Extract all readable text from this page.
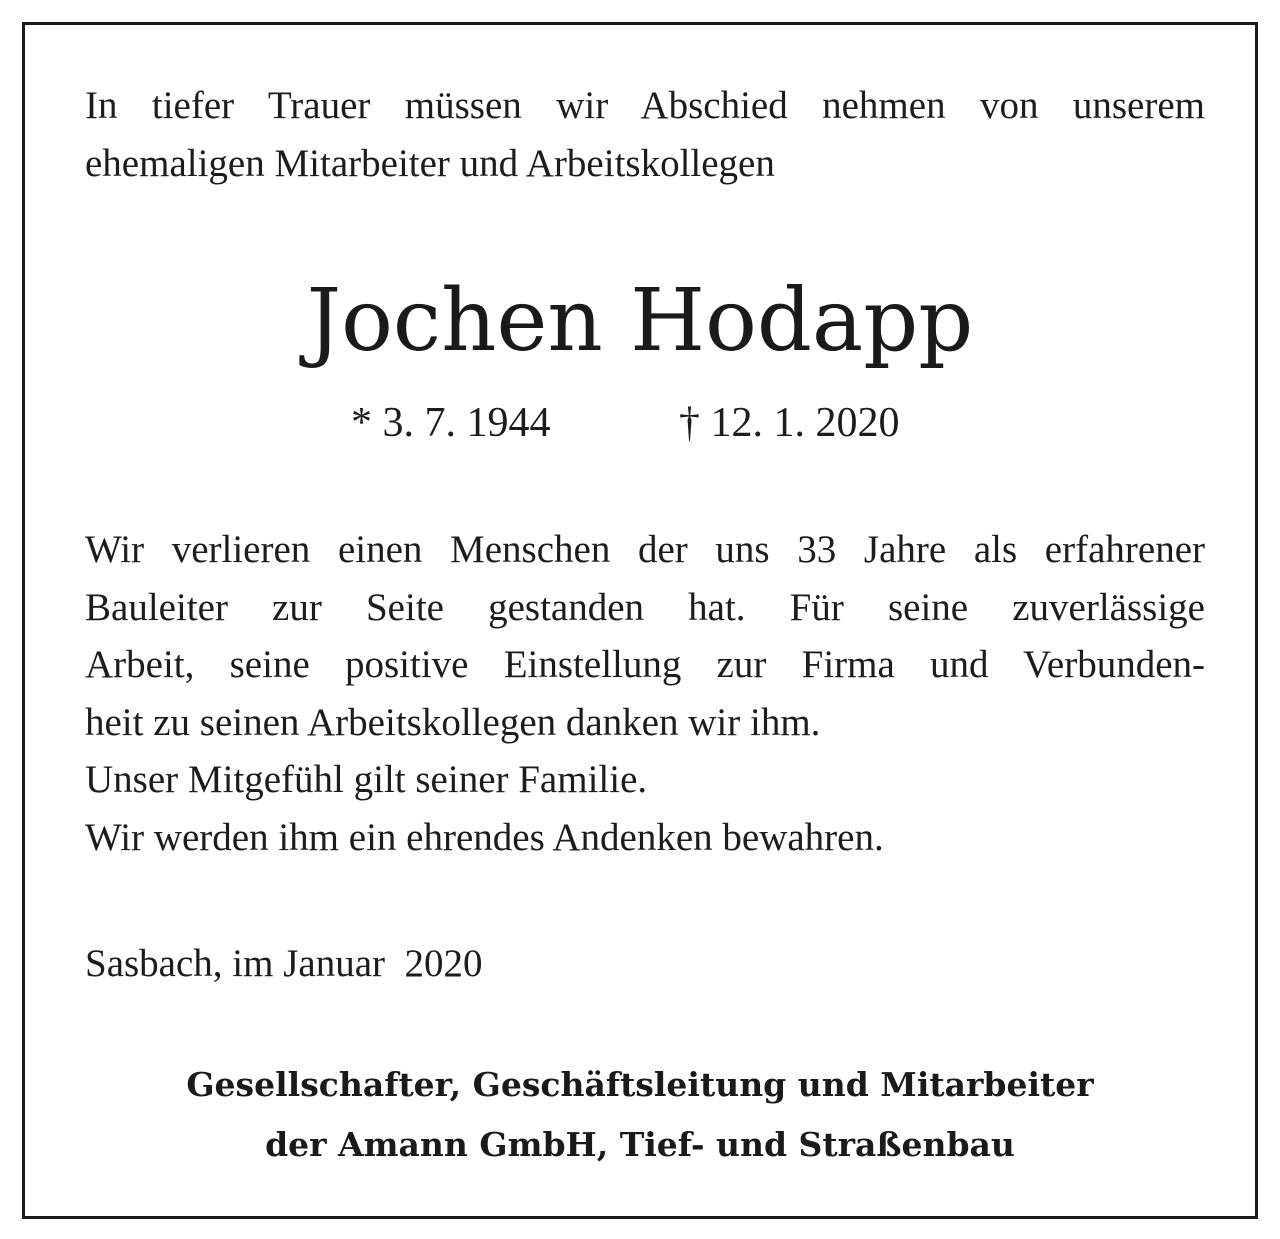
In tiefer Trauer müssen wir Abschied nehmen von unserem
ehemaligen Mitarbeiter und Arbeitskollegen

Jochen Hodapp
* 3. 7. 1944	† 12. 1. 2020

Wir verlieren einen Menschen der uns 33 Jahre als erfahrener
Bauleiter zur Seite gestanden hat. Für seine zuverlässige
Arbeit, seine positive Einstellung zur Firma und Verbunden-
heit zu seinen Arbeitskollegen danken wir ihm.
Unser Mitgefühl gilt seiner Familie.
Wir werden ihm ein ehrendes Andenken bewahren.

Sasbach, im Januar  2020

Gesellschafter, Geschäftsleitung und Mitarbeiter
der Amann GmbH, Tief- und Straßenbau
